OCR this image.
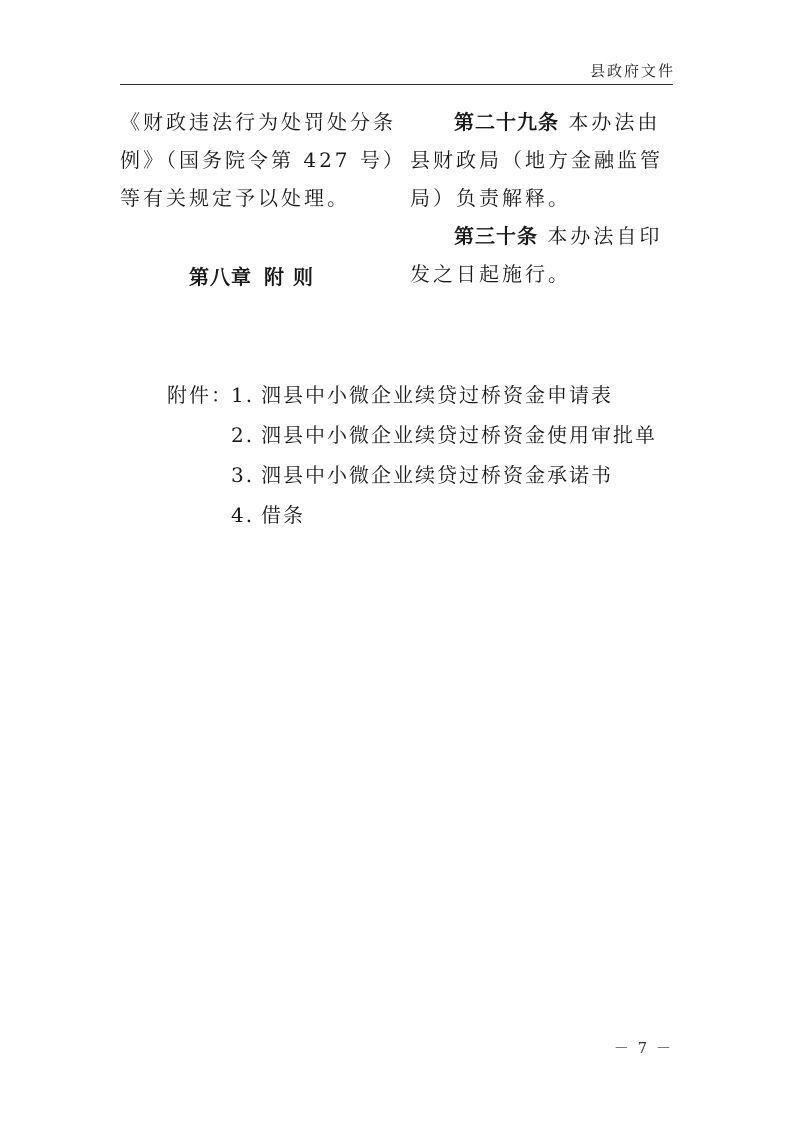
县政府文件
《财政违法行为处罚处分条
例》（国务院令第 427 号）
等有关规定予以处理。
第八章 附 则
第二十九条 本办法由
县财政局（地方金融监管
局）负责解释。
第三十条 本办法自印
发之日起施行。
附件：1. 泗县中小微企业续贷过桥资金申请表
2. 泗县中小微企业续贷过桥资金使用审批单
3. 泗县中小微企业续贷过桥资金承诺书
4. 借条
－ 7 －
